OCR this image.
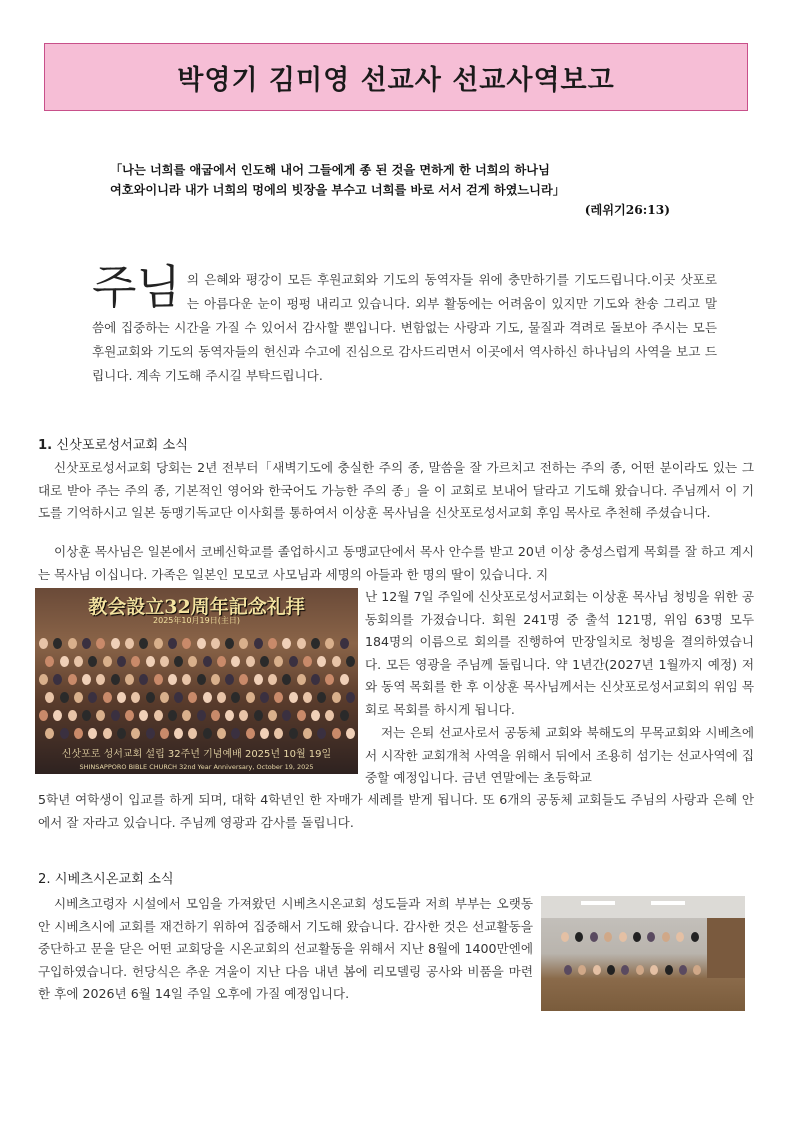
박영기 김미영 선교사 선교사역보고
「나는 너희를 애굽에서 인도해 내어 그들에게 종 된 것을 면하게 한 너희의 하나님
여호와이니라 내가 너희의 멍에의 빗장을 부수고 너희를 바로 서서 걷게 하였느니라」
(레위기26:13)
주님 의 은혜와 평강이 모든 후원교회와 기도의 동역자들 위에 충만하기를 기도드립니다.이곳 삿포로는 아름다운 눈이 펑펑 내리고 있습니다. 외부 활동에는 어려움이 있지만 기도와 찬송 그리고 말씀에 집중하는 시간을 가질 수 있어서 감사할 뿐입니다. 변함없는 사랑과 기도, 물질과 격려로 돌보아 주시는 모든 후원교회와 기도의 동역자들의 헌신과 수고에 진심으로 감사드리면서 이곳에서 역사하신 하나님의 사역을 보고 드립니다. 계속 기도해 주시길 부탁드립니다.
1. 신삿포로성서교회 소식
신삿포로성서교회 당회는 2년 전부터「새벽기도에 충실한 주의 종, 말씀을 잘 가르치고 전하는 주의 종, 어떤 분이라도 있는 그대로 받아 주는 주의 종, 기본적인 영어와 한국어도 가능한 주의 종」을 이 교회로 보내어 달라고 기도해 왔습니다. 주님께서 이 기도를 기억하시고 일본 동맹기독교단 이사회를 통하여서 이상훈 목사님을 신삿포로성서교회 후임 목사로 추천해 주셨습니다.
이상훈 목사님은 일본에서 코베신학교를 졸업하시고 동맹교단에서 목사 안수를 받고 20년 이상 충성스럽게 목회를 잘 하고 계시는 목사님 이십니다. 가족은 일본인 모모코 사모님과 세명의 아들과 한 명의 딸이 있습니다. 지
난 12월 7일 주일에 신삿포로성서교회는 이상훈 목사님 청빙을 위한 공동회의를 가졌습니다. 회원 241명 중 출석 121명, 위임 63명 모두 184명의 이름으로 회의를 진행하여 만장일치로 청빙을 결의하였습니다. 모든 영광을 주님께 돌립니다. 약 1년간(2027년 1월까지 예정) 저와 동역 목회를 한 후 이상훈 목사님께서는 신삿포로성서교회의 위임 목회로 목회를 하시게 됩니다.
저는 은퇴 선교사로서 공동체 교회와 북해도의 무목교회와 시베츠에서 시작한 교회개척 사역을 위해서 뒤에서 조용히 섬기는 선교사역에 집중할 예정입니다. 금년 연말에는 초등학교
5학년 여학생이 입교를 하게 되며, 대학 4학년인 한 자매가 세례를 받게 됩니다. 또 6개의 공동체 교회들도 주님의 사랑과 은혜 안에서 잘 자라고 있습니다. 주님께 영광과 감사를 돌립니다.
教会設立32周年記念礼拝
2025年10月19日(主日)
신삿포로 성서교회 설립 32주년 기념예배 2025년 10월 19일
SHINSAPPORO BIBLE CHURCH 32nd Year Anniversary, October 19, 2025
2. 시베츠시온교회 소식
시베츠고령자 시설에서 모임을 가져왔던 시베츠시온교회 성도들과 저희 부부는 오랫동안 시베츠시에 교회를 재건하기 위하여 집중해서 기도해 왔습니다. 감사한 것은 선교활동을 중단하고 문을 닫은 어떤 교회당을 시온교회의 선교활동을 위해서 지난 8월에 1400만엔에 구입하였습니다. 헌당식은 추운 겨울이 지난 다음 내년 봄에 리모델링 공사와 비품을 마련한 후에 2026년 6월 14일 주일 오후에 가질 예정입니다.
